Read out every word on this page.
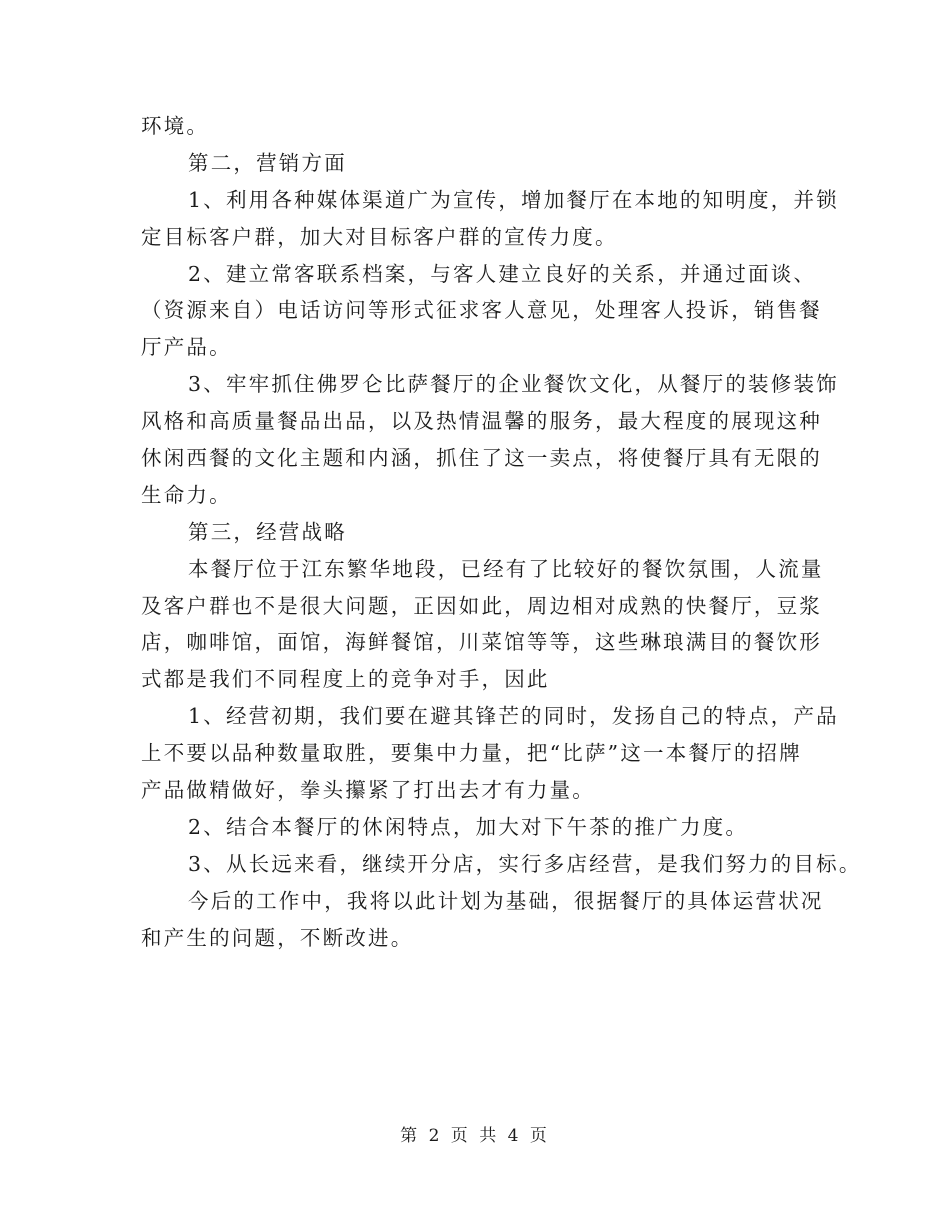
环境。
第二，营销方面
1、利用各种媒体渠道广为宣传，增加餐厅在本地的知明度，并锁
定目标客户群，加大对目标客户群的宣传力度。
2、建立常客联系档案，与客人建立良好的关系，并通过面谈、
（资源来自）电话访问等形式征求客人意见，处理客人投诉，销售餐
厅产品。
3、牢牢抓住佛罗仑比萨餐厅的企业餐饮文化，从餐厅的装修装饰
风格和高质量餐品出品，以及热情温馨的服务，最大程度的展现这种
休闲西餐的文化主题和内涵，抓住了这一卖点，将使餐厅具有无限的
生命力。
第三，经营战略
本餐厅位于江东繁华地段，已经有了比较好的餐饮氛围，人流量
及客户群也不是很大问题，正因如此，周边相对成熟的快餐厅，豆浆
店，咖啡馆，面馆，海鲜餐馆，川菜馆等等，这些琳琅满目的餐饮形
式都是我们不同程度上的竞争对手，因此
1、经营初期，我们要在避其锋芒的同时，发扬自己的特点，产品
上不要以品种数量取胜，要集中力量，把“比萨”这一本餐厅的招牌
产品做精做好，拳头攥紧了打出去才有力量。
2、结合本餐厅的休闲特点，加大对下午茶的推广力度。
3、从长远来看，继续开分店，实行多店经营，是我们努力的目标。
今后的工作中，我将以此计划为基础，很据餐厅的具体运营状况
和产生的问题，不断改进。
第 2 页 共 4 页
